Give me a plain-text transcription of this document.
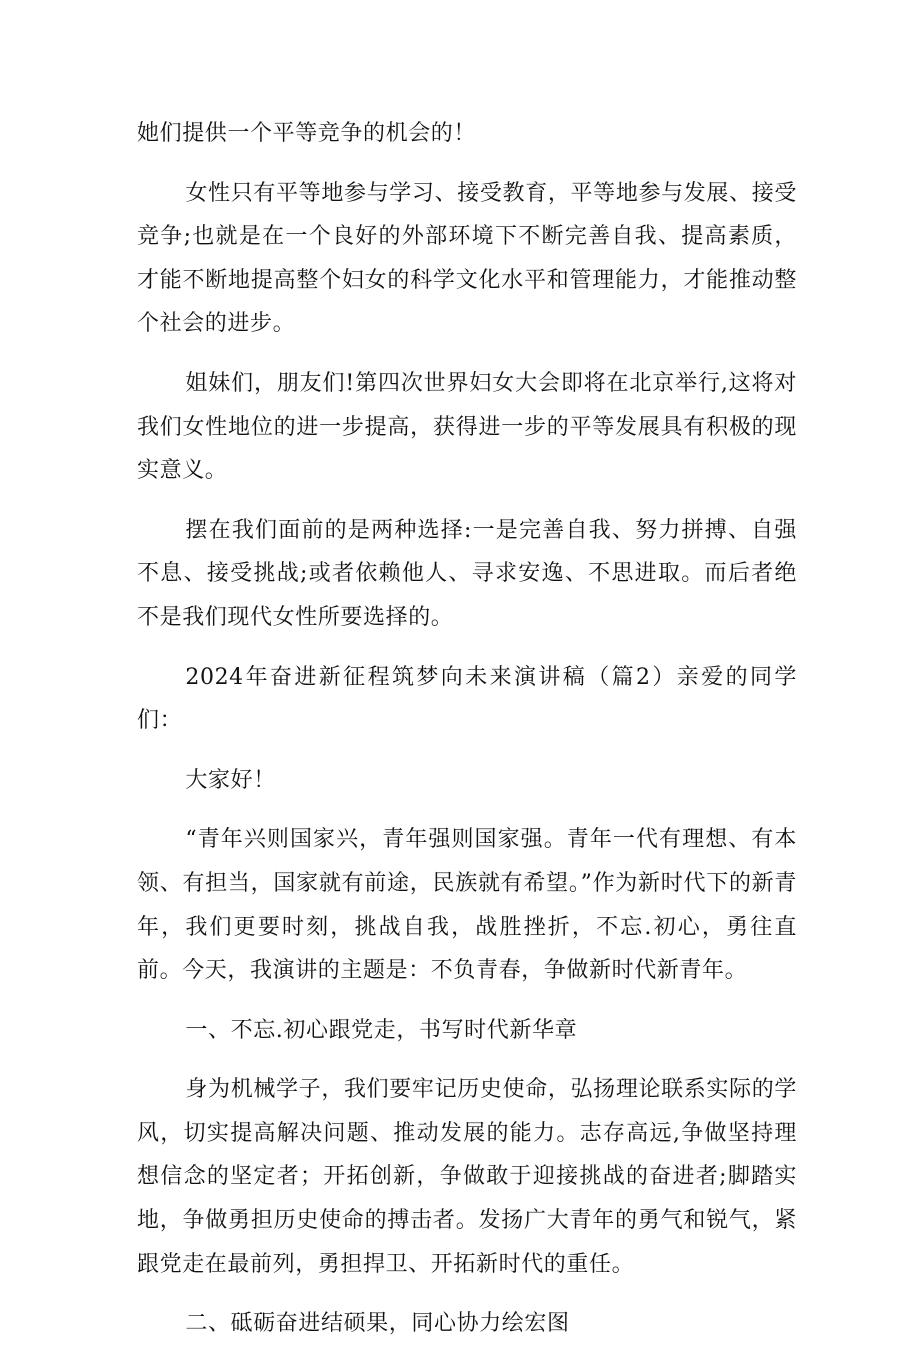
她们提供一个平等竞争的机会的！

女性只有平等地参与学习、接受教育，平等地参与发展、接受竞争;也就是在一个良好的外部环境下不断完善自我、提高素质，才能不断地提高整个妇女的科学文化水平和管理能力，才能推动整个社会的进步。

姐妹们，朋友们!第四次世界妇女大会即将在北京举行,这将对我们女性地位的进一步提高，获得进一步的平等发展具有积极的现实意义。

摆在我们面前的是两种选择:一是完善自我、努力拼搏、自强不息、接受挑战;或者依赖他人、寻求安逸、不思进取。而后者绝不是我们现代女性所要选择的。

2024年奋进新征程筑梦向未来演讲稿（篇2）亲爱的同学们：

大家好！

“青年兴则国家兴，青年强则国家强。青年一代有理想、有本领、有担当，国家就有前途，民族就有希望。”作为新时代下的新青年，我们更要时刻，挑战自我，战胜挫折，不忘.初心，勇往直前。今天，我演讲的主题是：不负青春，争做新时代新青年。

一、不忘.初心跟党走，书写时代新华章

身为机械学子，我们要牢记历史使命，弘扬理论联系实际的学风，切实提高解决问题、推动发展的能力。志存高远,争做坚持理想信念的坚定者；开拓创新，争做敢于迎接挑战的奋进者;脚踏实地，争做勇担历史使命的搏击者。发扬广大青年的勇气和锐气，紧跟党走在最前列，勇担捍卫、开拓新时代的重任。

二、砥砺奋进结硕果，同心协力绘宏图
